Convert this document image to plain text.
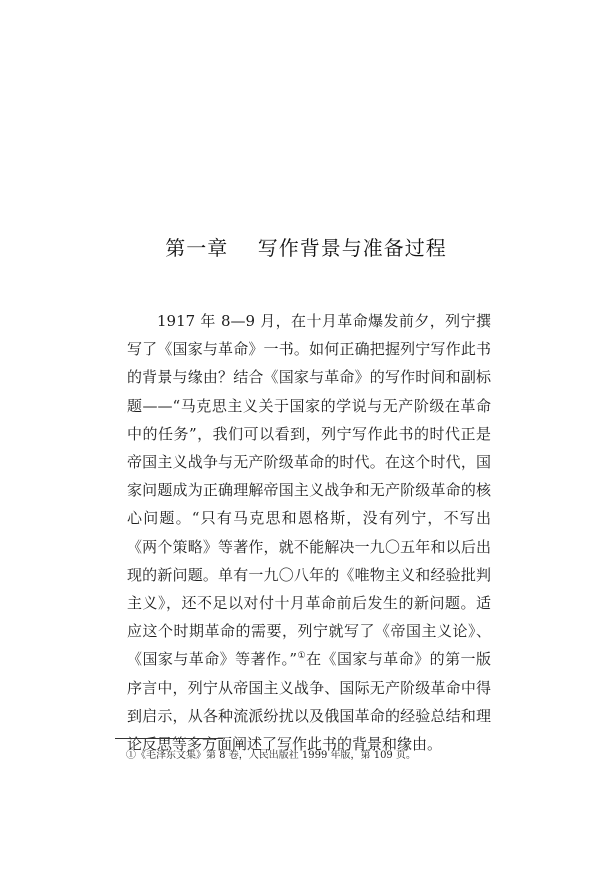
第一章    写作背景与准备过程

1917 年 8—9 月，在十月革命爆发前夕，列宁撰写了《国家与革命》一书。如何正确把握列宁写作此书的背景与缘由？结合《国家与革命》的写作时间和副标题——“马克思主义关于国家的学说与无产阶级在革命中的任务”，我们可以看到，列宁写作此书的时代正是帝国主义战争与无产阶级革命的时代。在这个时代，国家问题成为正确理解帝国主义战争和无产阶级革命的核心问题。“只有马克思和恩格斯，没有列宁，不写出《两个策略》等著作，就不能解决一九〇五年和以后出现的新问题。单有一九〇八年的《唯物主义和经验批判主义》，还不足以对付十月革命前后发生的新问题。适应这个时期革命的需要，列宁就写了《帝国主义论》、《国家与革命》等著作。”①在《国家与革命》的第一版序言中，列宁从帝国主义战争、国际无产阶级革命中得到启示，从各种流派纷扰以及俄国革命的经验总结和理论反思等多方面阐述了写作此书的背景和缘由。

①《毛泽东文集》第 8 卷，人民出版社 1999 年版，第 109 页。
